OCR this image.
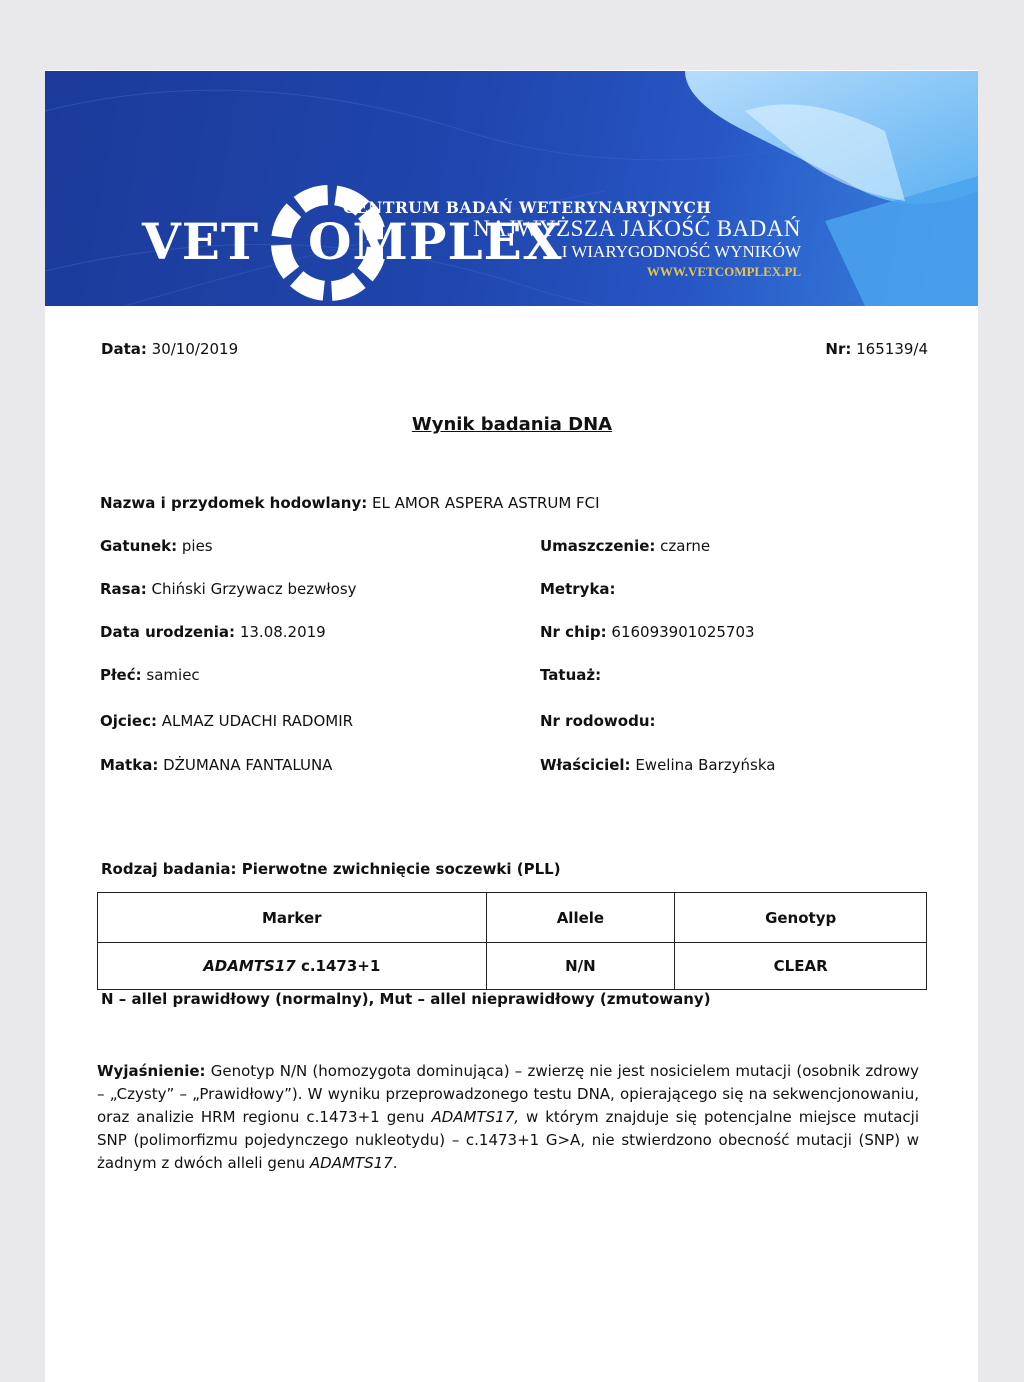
VET OMPLEX
CENTRUM BADAŃ WETERYNARYJNYCH
NAJWYŻSZA JAKOŚĆ BADAŃ
I WIARYGODNOŚĆ WYNIKÓW
WWW.VETCOMPLEX.PL
Data: 30/10/2019	Nr: 165139/4
Wynik badania DNA
Nazwa i przydomek hodowlany: EL AMOR ASPERA ASTRUM FCI
Gatunek: pies	Umaszczenie: czarne
Rasa: Chiński Grzywacz bezwłosy	Metryka:
Data urodzenia: 13.08.2019	Nr chip: 616093901025703
Płeć: samiec	Tatuaż:
Ojciec: ALMAZ UDACHI RADOMIR	Nr rodowodu:
Matka: DŻUMANA FANTALUNA	Właściciel: Ewelina Barzyńska
Rodzaj badania: Pierwotne zwichnięcie soczewki (PLL)
Marker	Allele	Genotyp
ADAMTS17 c.1473+1	N/N	CLEAR
N – allel prawidłowy (normalny), Mut – allel nieprawidłowy (zmutowany)
Wyjaśnienie: Genotyp N/N (homozygota dominująca) – zwierzę nie jest nosicielem mutacji (osobnik zdrowy – „Czysty” – „Prawidłowy”). W wyniku przeprowadzonego testu DNA, opierającego się na sekwencjonowaniu, oraz analizie HRM regionu c.1473+1 genu ADAMTS17, w którym znajduje się potencjalne miejsce mutacji SNP (polimorfizmu pojedynczego nukleotydu) – c.1473+1 G>A, nie stwierdzono obecność mutacji (SNP) w żadnym z dwóch alleli genu ADAMTS17.
